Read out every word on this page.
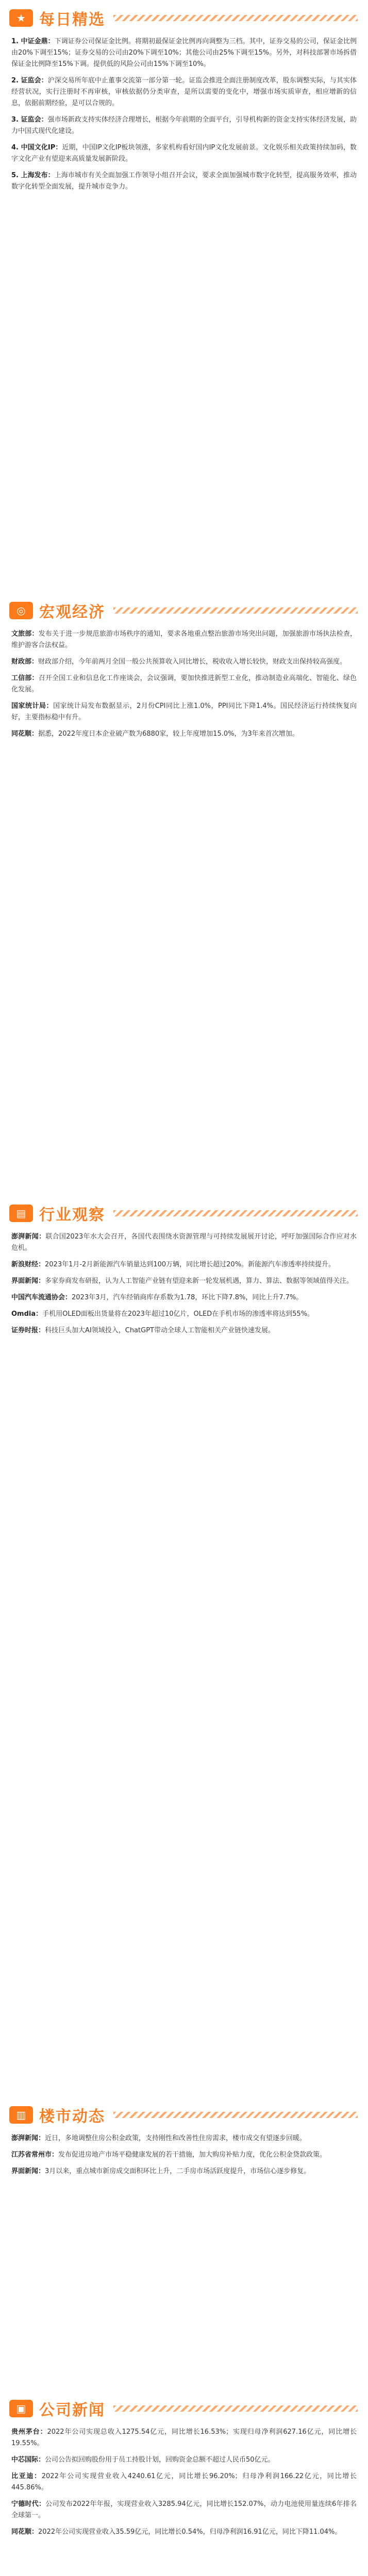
★ 每日精选

1. 中证金鼎：下调证券公司保证金比例。将期初最保证金比例再向调整为三档。其中，证券交易的公司，保证金比例由20%下调至15%；证券交易的公司由20%下调至10%；其他公司由25%下调至15%。另外，对科技部署市场拆借保证金比例降至15%下调。提供低的风险公司由15%下调至10%。

2. 证监会：沪深交易所年底中止董事交流第一部分第一轮。证监会推进全面注册制度改革，股东调整实际，与其实体经营状况，实行注册时不再审核，审核依据仍分类审查，是所以需要的变化中，增强市场实质审查，相应增新的信息，依据前期经验，是可以合规的。

3. 证监会：强市场新政支持实体经济合理增长，根据今年前期的全面平台，引导机构新的资金支持实体经济发展，助力中国式现代化建设。

4. 中国文化IP：近期，中国IP文化IP板块领涨，多家机构看好国内IP文化发展前景。文化娱乐相关政策持续加码，数字文化产业有望迎来高质量发展新阶段。

5. 上海发布：上海市城市有关全面加强工作领导小组召开会议，要求全面加强城市数字化转型，提高服务效率，推动数字化转型全面发展，提升城市竞争力。

◎ 宏观经济

文旅部：发布关于进一步规范旅游市场秩序的通知，要求各地重点整治旅游市场突出问题，加强旅游市场执法检查，维护游客合法权益。

财政部：财政部介绍，今年前两月全国一般公共预算收入同比增长，税收收入增长较快，财政支出保持较高强度。

工信部：召开全国工业和信息化工作座谈会，会议强调，要加快推进新型工业化，推动制造业高端化、智能化、绿色化发展。

国家统计局：国家统计局发布数据显示，2月份CPI同比上涨1.0%，PPI同比下降1.4%。国民经济运行持续恢复向好，主要指标稳中有升。

同花顺：据悉，2022年度日本企业破产数为6880家，较上年度增加15.0%，为3年来首次增加。

▤ 行业观察

澎湃新闻：联合国2023年水大会召开，各国代表围绕水资源管理与可持续发展展开讨论，呼吁加强国际合作应对水危机。

新浪财经：2023年1月-2月新能源汽车销量达到100万辆，同比增长超过20%。新能源汽车渗透率持续提升。

界面新闻：多家券商发布研报，认为人工智能产业链有望迎来新一轮发展机遇，算力、算法、数据等领域值得关注。

中国汽车流通协会：2023年3月，汽车经销商库存系数为1.78，环比下降7.8%，同比上升7.7%。

Omdia：手机用OLED面板出货量将在2023年超过10亿片，OLED在手机市场的渗透率将达到55%。

证券时报：科技巨头加大AI领域投入，ChatGPT带动全球人工智能相关产业链快速发展。

▥ 楼市动态

澎湃新闻：近日，多地调整住房公积金政策，支持刚性和改善性住房需求，楼市成交有望逐步回暖。

江苏省常州市：发布促进房地产市场平稳健康发展的若干措施，加大购房补贴力度，优化公积金贷款政策。

界面新闻：3月以来，重点城市新房成交面积环比上升，二手房市场活跃度提升，市场信心逐步修复。

▣ 公司新闻

贵州茅台：2022年公司实现总收入1275.54亿元，同比增长16.53%；实现归母净利润627.16亿元，同比增长19.55%。

中芯国际：公司公告拟回购股份用于员工持股计划，回购资金总额不超过人民币50亿元。

比亚迪：2022年公司实现营业收入4240.61亿元，同比增长96.20%；归母净利润166.22亿元，同比增长445.86%。

宁德时代：公司发布2022年年报，实现营业收入3285.94亿元，同比增长152.07%，动力电池使用量连续6年排名全球第一。

同花顺：2022年公司实现营业收入35.59亿元，同比增长0.54%，归母净利润16.91亿元，同比下降11.04%。
